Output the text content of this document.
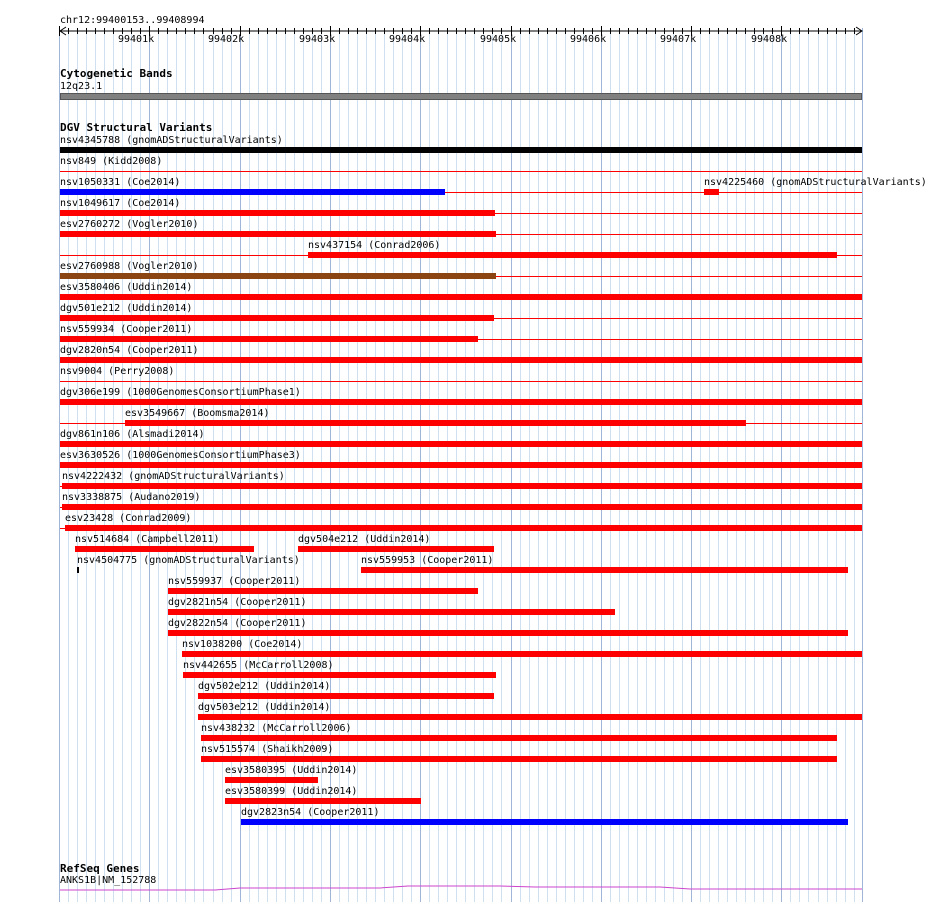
chr12:99400153..99408994
99401k	99402k	99403k	99404k	99405k	99406k	99407k	99408k
Cytogenetic Bands
12q23.1
DGV Structural Variants
nsv4345788 (gnomADStructuralVariants)
nsv849 (Kidd2008)
nsv1050331 (Coe2014)	nsv4225460 (gnomADStructuralVariants)
nsv1049617 (Coe2014)
esv2760272 (Vogler2010)
nsv437154 (Conrad2006)
esv2760988 (Vogler2010)
esv3580406 (Uddin2014)
dgv501e212 (Uddin2014)
nsv559934 (Cooper2011)
dgv2820n54 (Cooper2011)
nsv9004 (Perry2008)
dgv306e199 (1000GenomesConsortiumPhase1)
esv3549667 (Boomsma2014)
dgv861n106 (Alsmadi2014)
esv3630526 (1000GenomesConsortiumPhase3)
nsv4222432 (gnomADStructuralVariants)
nsv3338875 (Audano2019)
esv23428 (Conrad2009)
nsv514684 (Campbell2011)	dgv504e212 (Uddin2014)
nsv4504775 (gnomADStructuralVariants)	nsv559953 (Cooper2011)
nsv559937 (Cooper2011)
dgv2821n54 (Cooper2011)
dgv2822n54 (Cooper2011)
nsv1038200 (Coe2014)
nsv442655 (McCarroll2008)
dgv502e212 (Uddin2014)
dgv503e212 (Uddin2014)
nsv438232 (McCarroll2006)
nsv515574 (Shaikh2009)
esv3580395 (Uddin2014)
esv3580399 (Uddin2014)
dgv2823n54 (Cooper2011)
RefSeq Genes
ANKS1B|NM_152788
